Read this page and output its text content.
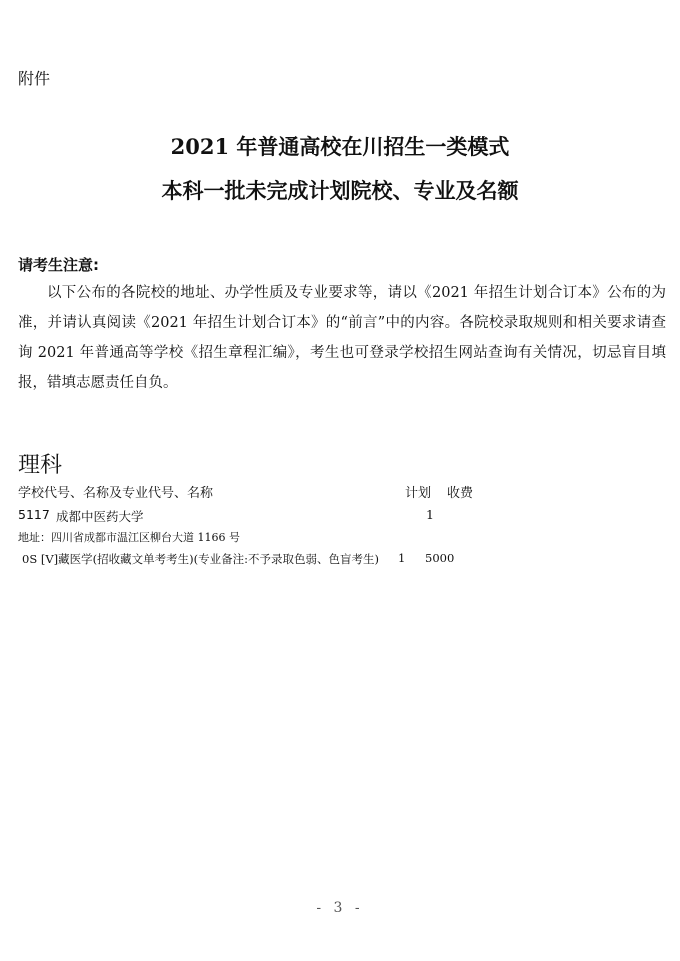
附件
2021 年普通高校在川招生一类模式
本科一批未完成计划院校、专业及名额
请考生注意:
以下公布的各院校的地址、办学性质及专业要求等，请以《2021 年招生计划合订本》公布的为准，并请认真阅读《2021 年招生计划合订本》的“前言”中的内容。各院校录取规则和相关要求请查询 2021 年普通高等学校《招生章程汇编》，考生也可登录学校招生网站查询有关情况，切忌盲目填报，错填志愿责任自负。
理科
学校代号、名称及专业代号、名称	计划 收费
5117 成都中医药大学	1
地址：四川省成都市温江区柳台大道 1166 号
0S [V]藏医学(招收藏文单考考生)(专业备注:不予录取色弱、色盲考生) 1 5000
- 3 -
